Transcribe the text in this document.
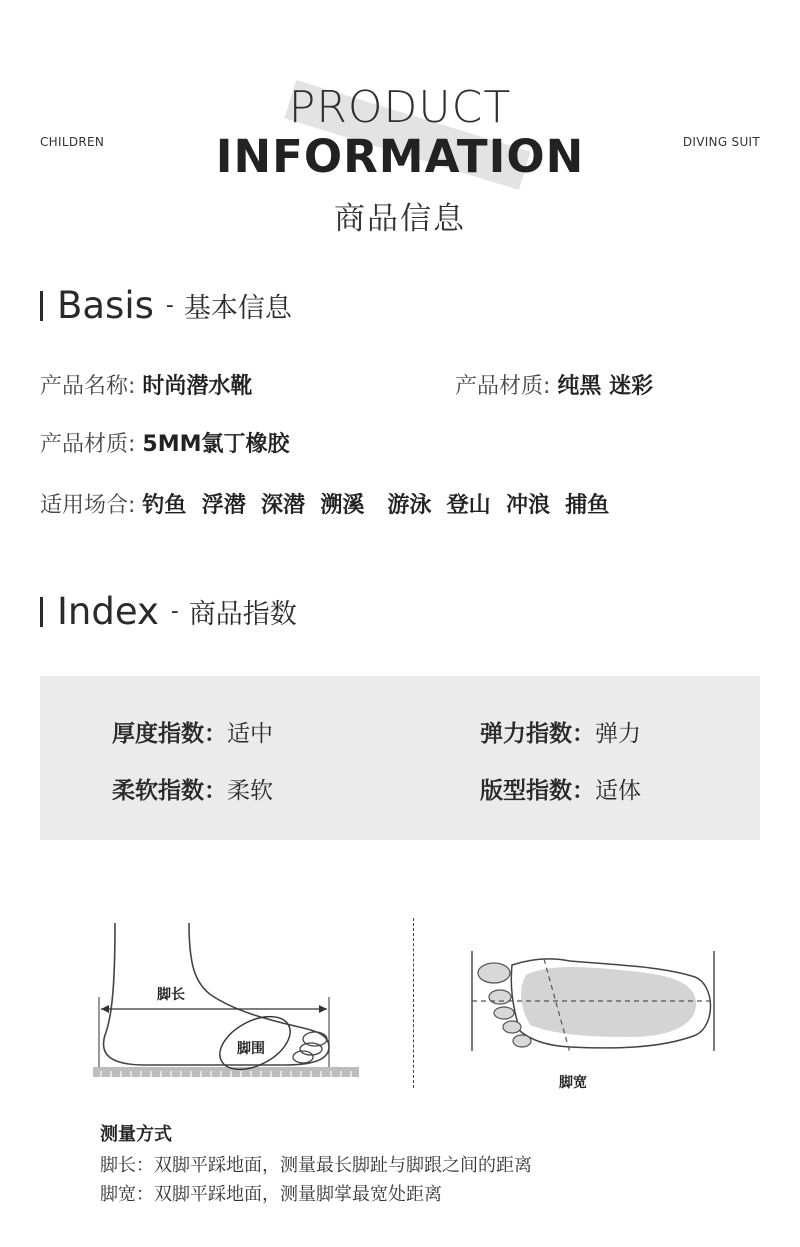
CHILDREN	DIVING SUIT
PRODUCT
INFORMATION
商品信息
Basis - 基本信息
产品名称: 时尚潜水靴	产品材质: 纯黑 迷彩
产品材质: 5MM氯丁橡胶
适用场合: 钓鱼  浮潜  深潜  溯溪   游泳  登山  冲浪  捕鱼
Index - 商品指数
厚度指数：适中	弹力指数：弹力
柔软指数：柔软	版型指数：适体
脚长
脚围
脚宽
测量方式
脚长：双脚平踩地面，测量最长脚趾与脚跟之间的距离
脚宽：双脚平踩地面，测量脚掌最宽处距离
